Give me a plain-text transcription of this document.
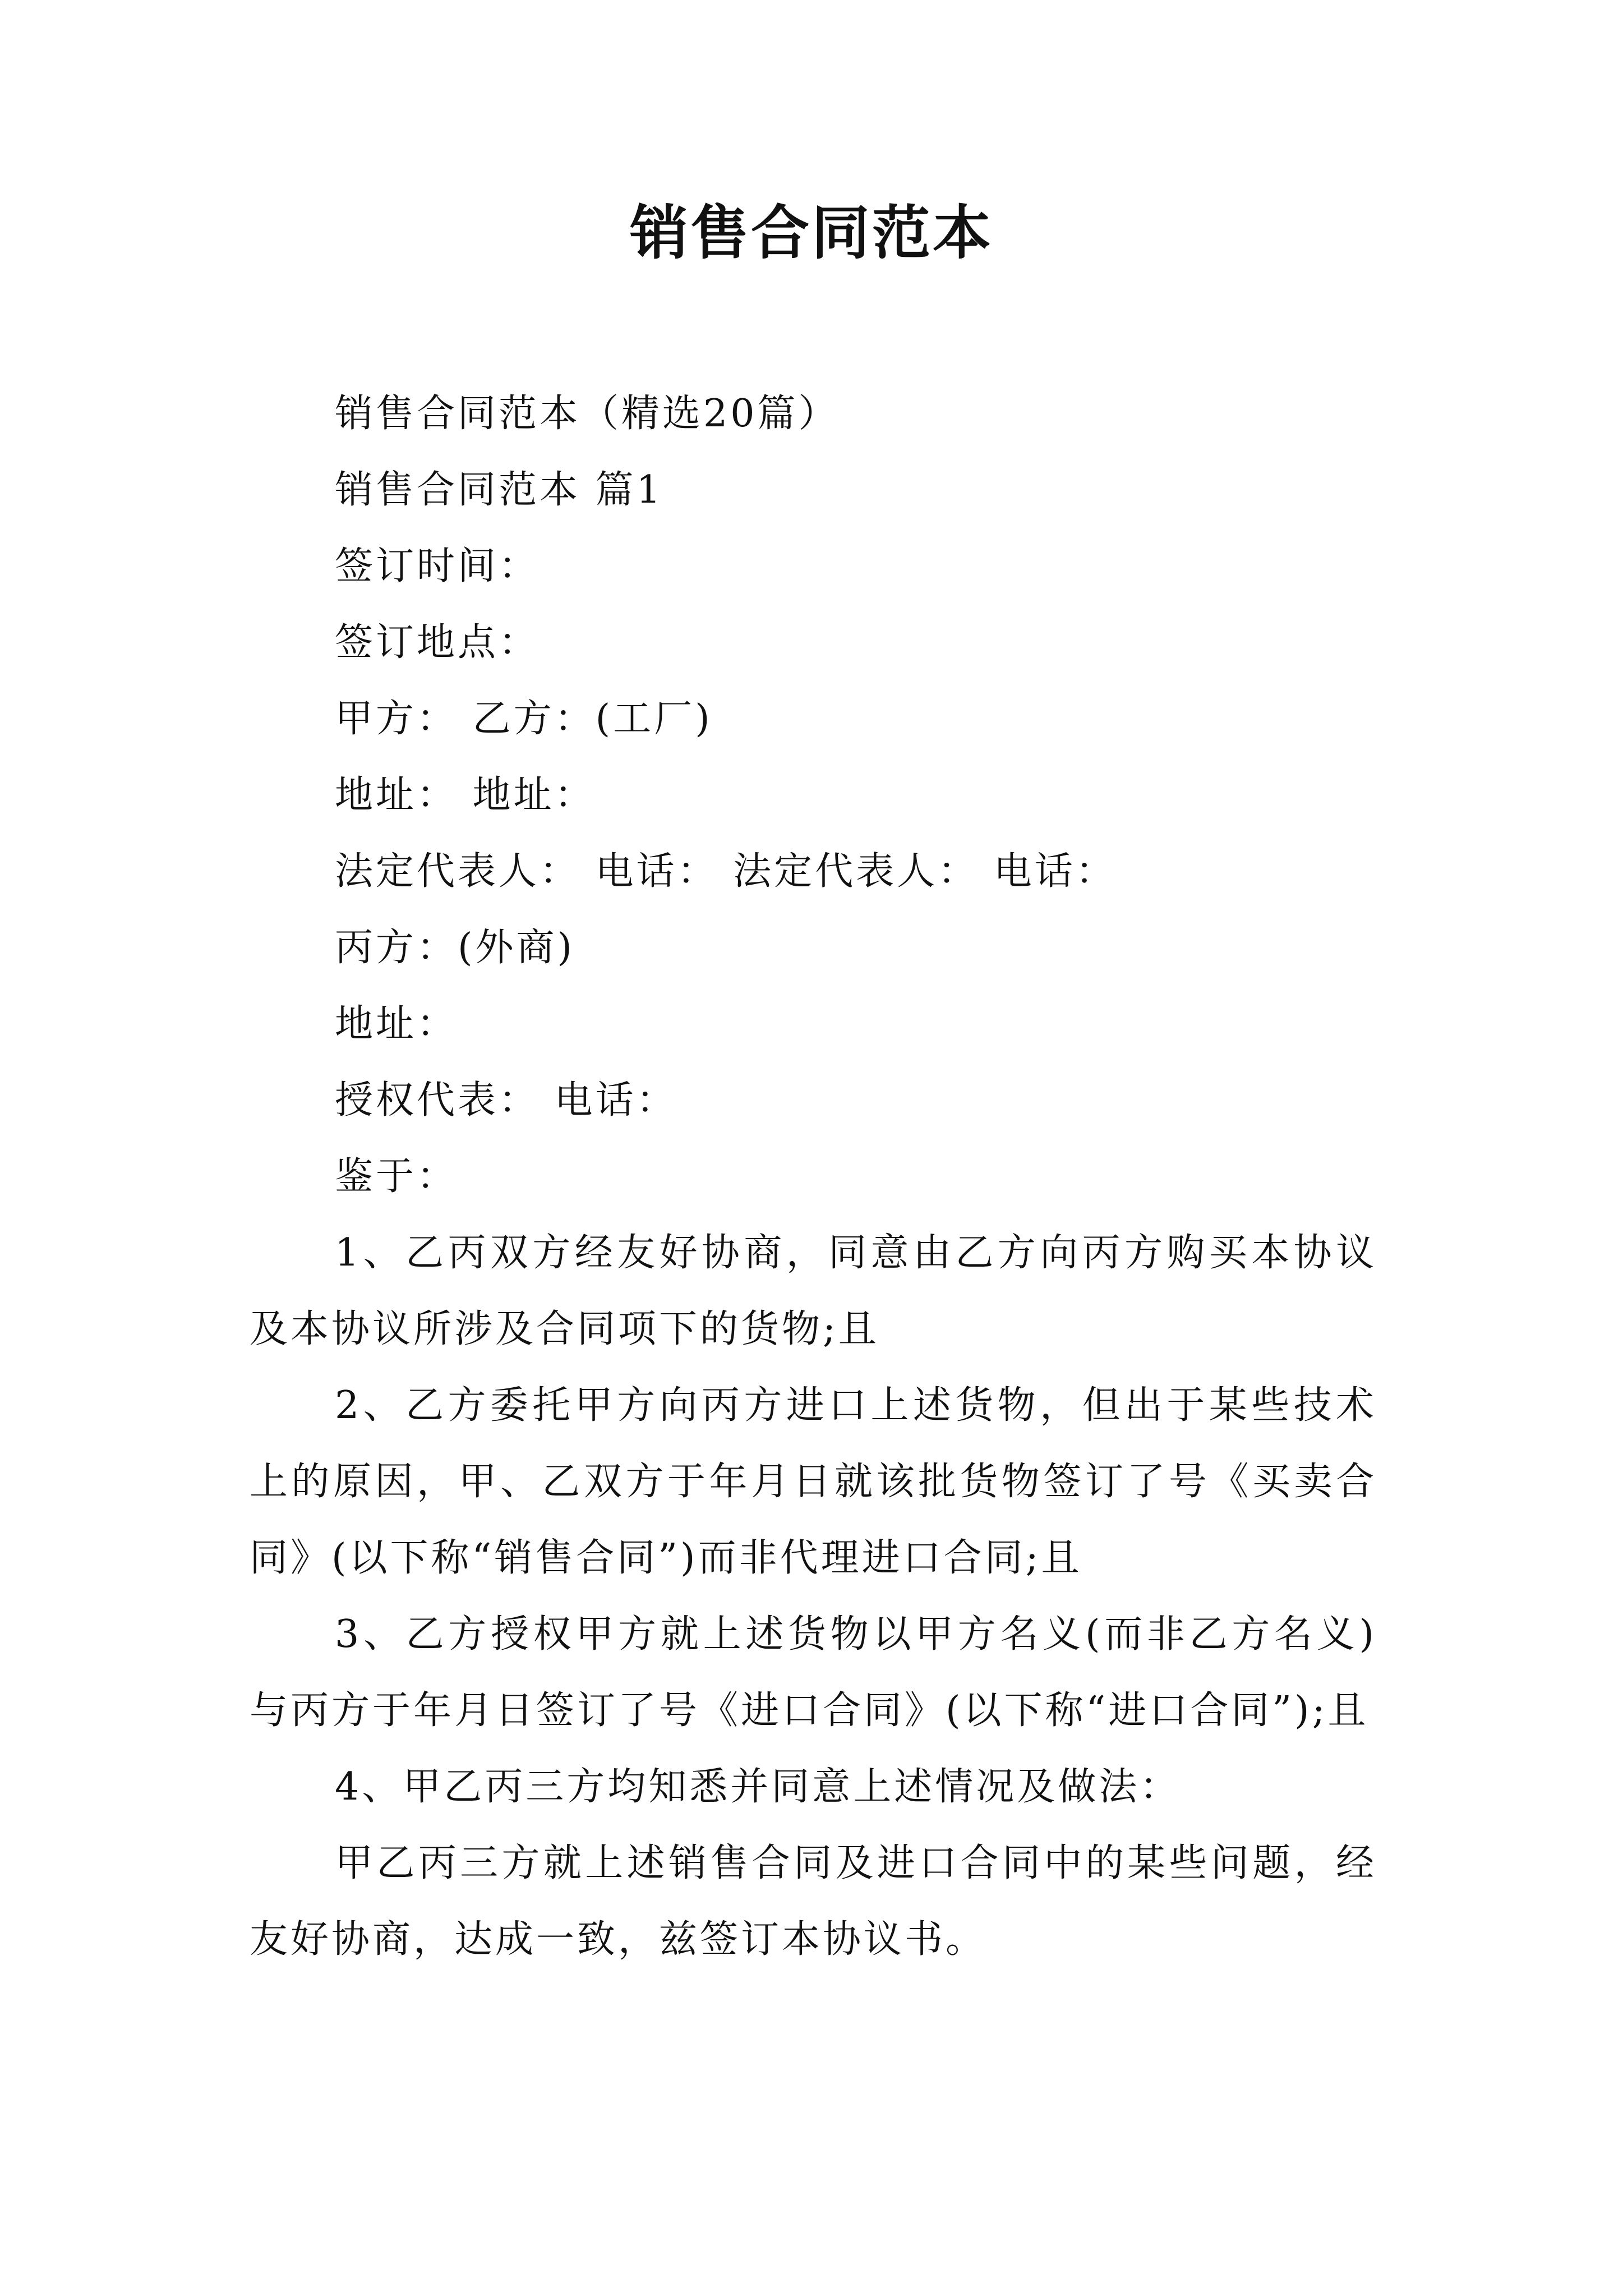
销售合同范本
销售合同范本（精选20篇）
销售合同范本 篇1
签订时间：
签订地点：
甲方： 乙方：(工厂)
地址： 地址：
法定代表人： 电话： 法定代表人： 电话：
丙方：(外商)
地址：
授权代表： 电话：
鉴于：
1、乙丙双方经友好协商，同意由乙方向丙方购买本协议及本协议所涉及合同项下的货物;且
2、乙方委托甲方向丙方进口上述货物，但出于某些技术上的原因，甲、乙双方于年月日就该批货物签订了号《买卖合同》(以下称“销售合同”)而非代理进口合同;且
3、乙方授权甲方就上述货物以甲方名义(而非乙方名义)与丙方于年月日签订了号《进口合同》(以下称“进口合同”);且
4、甲乙丙三方均知悉并同意上述情况及做法：
甲乙丙三方就上述销售合同及进口合同中的某些问题，经友好协商，达成一致，兹签订本协议书。
